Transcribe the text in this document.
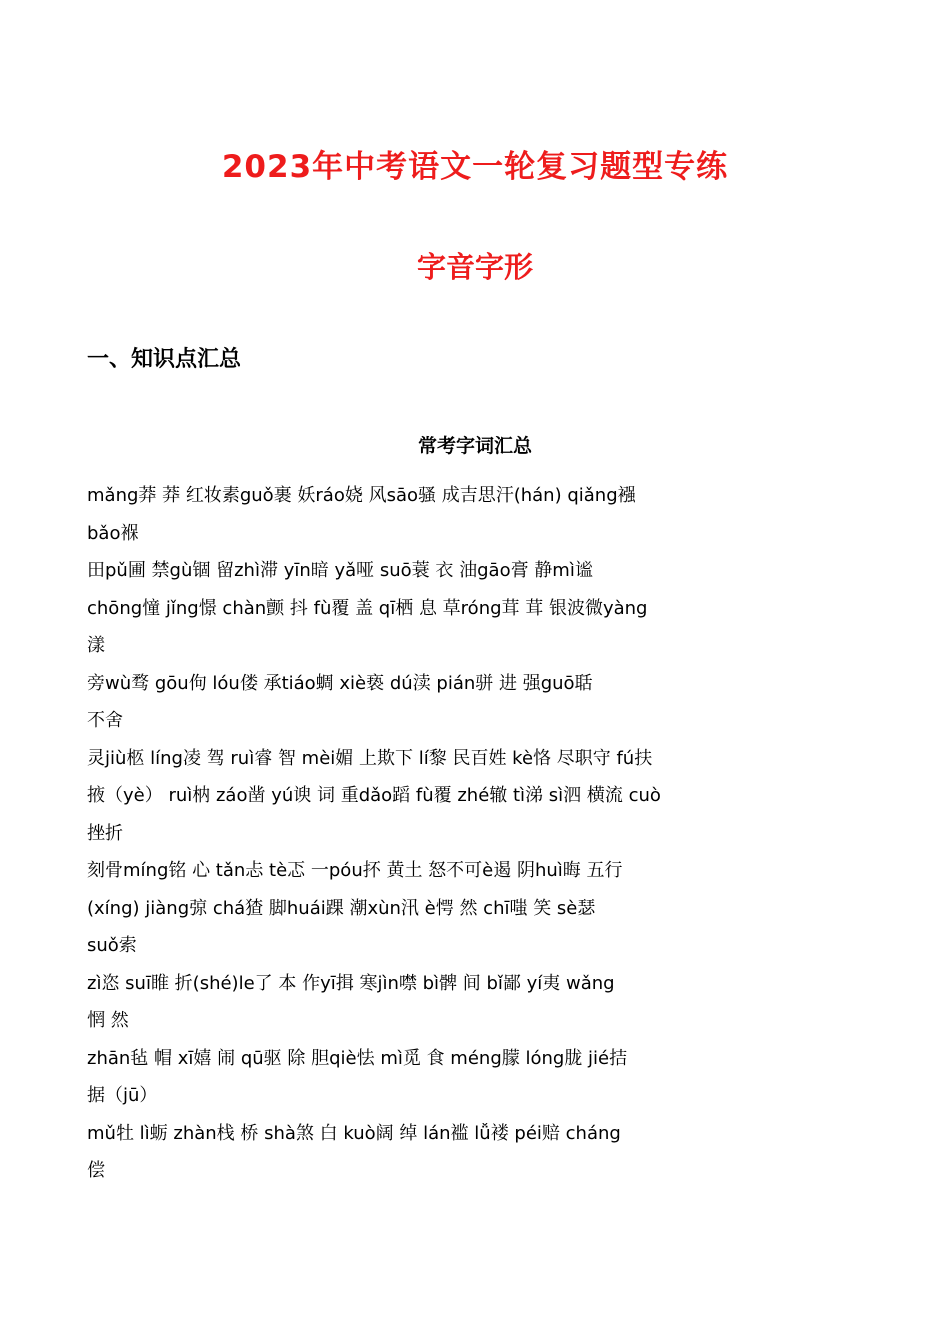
2023年中考语文一轮复习题型专练
字音字形
一、知识点汇总
常考字词汇总
mǎng莽 莽 红妆素guǒ裹 妖ráo娆 风sāo骚 成吉思汗(hán) qiǎng襁
bǎo褓
田pǔ圃 禁gù锢 留zhì滞 yīn暗 yǎ哑 suō蓑 衣 油gāo膏 静mì谧
chōng憧 jǐng憬 chàn颤 抖 fù覆 盖 qī栖 息 草róng茸 茸 银波微yàng
漾
旁wù骛 gōu佝 lóu偻 承tiáo蜩 xiè亵 dú渎 pián骈 进 强guō聒
不舍
灵jiù柩 líng凌 驾 ruì睿 智 mèi媚 上欺下 lí黎 民百姓 kè恪 尽职守 fú扶
掖（yè） ruì枘 záo凿 yú谀 词 重dǎo蹈 fù覆 zhé辙 tì涕 sì泗 横流 cuò
挫折
刻骨míng铭 心 tǎn忐 tè忑 一póu抔 黄土 怒不可è遏 阴huì晦 五行
(xíng) jiàng弶 chá猹 脚huái踝 潮xùn汛 è愕 然 chī嗤 笑 sè瑟
suǒ索
zì恣 suī睢 折(shé)le了 本 作yī揖 寒jìn噤 bì髀 间 bǐ鄙 yí夷 wǎng
惘 然
zhān毡 帽 xī嬉 闹 qū驱 除 胆qiè怯 mì觅 食 méng朦 lóng胧 jié拮
据（jū）
mǔ牡 lì蛎 zhàn栈 桥 shà煞 白 kuò阔 绰 lán褴 lǚ褛 péi赔 cháng
偿
